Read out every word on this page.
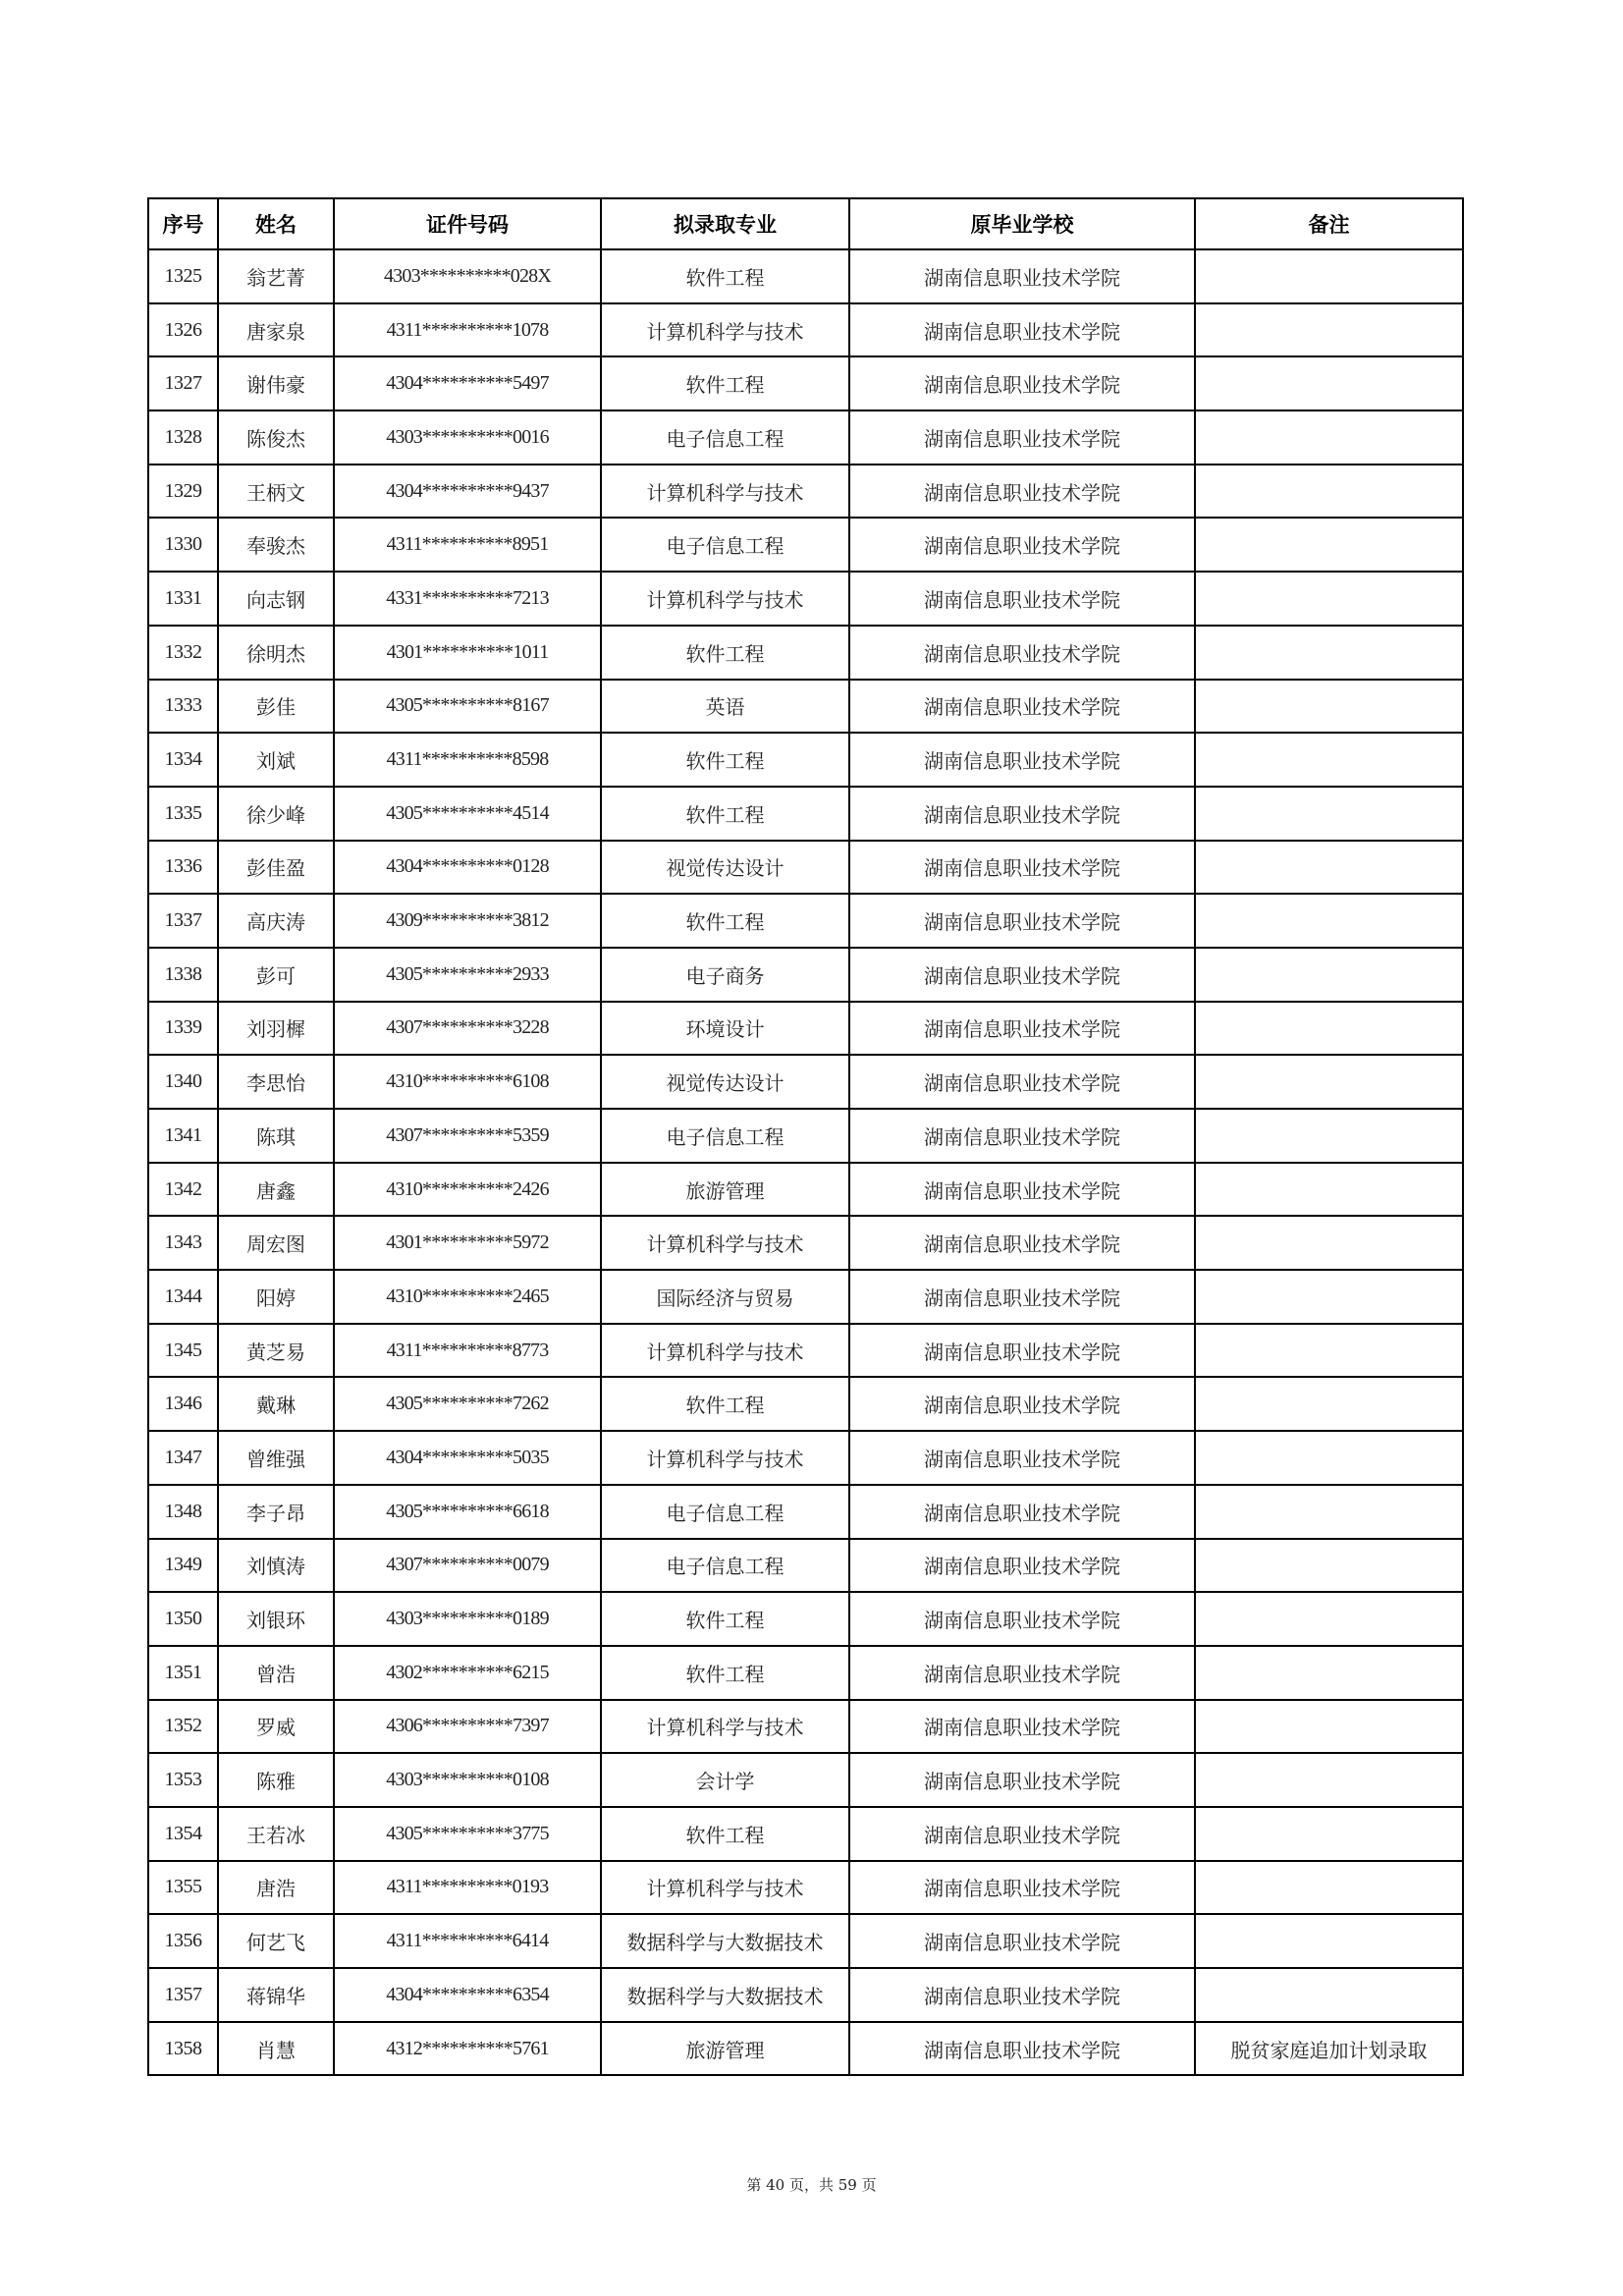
序号	姓名	证件号码	拟录取专业	原毕业学校	备注
1325	翁艺菁	4303**********028X	软件工程	湖南信息职业技术学院	
1326	唐家泉	4311**********1078	计算机科学与技术	湖南信息职业技术学院	
1327	谢伟豪	4304**********5497	软件工程	湖南信息职业技术学院	
1328	陈俊杰	4303**********0016	电子信息工程	湖南信息职业技术学院	
1329	王柄文	4304**********9437	计算机科学与技术	湖南信息职业技术学院	
1330	奉骏杰	4311**********8951	电子信息工程	湖南信息职业技术学院	
1331	向志钢	4331**********7213	计算机科学与技术	湖南信息职业技术学院	
1332	徐明杰	4301**********1011	软件工程	湖南信息职业技术学院	
1333	彭佳	4305**********8167	英语	湖南信息职业技术学院	
1334	刘斌	4311**********8598	软件工程	湖南信息职业技术学院	
1335	徐少峰	4305**********4514	软件工程	湖南信息职业技术学院	
1336	彭佳盈	4304**********0128	视觉传达设计	湖南信息职业技术学院	
1337	高庆涛	4309**********3812	软件工程	湖南信息职业技术学院	
1338	彭可	4305**********2933	电子商务	湖南信息职业技术学院	
1339	刘羽樨	4307**********3228	环境设计	湖南信息职业技术学院	
1340	李思怡	4310**********6108	视觉传达设计	湖南信息职业技术学院	
1341	陈琪	4307**********5359	电子信息工程	湖南信息职业技术学院	
1342	唐鑫	4310**********2426	旅游管理	湖南信息职业技术学院	
1343	周宏图	4301**********5972	计算机科学与技术	湖南信息职业技术学院	
1344	阳婷	4310**********2465	国际经济与贸易	湖南信息职业技术学院	
1345	黄芝易	4311**********8773	计算机科学与技术	湖南信息职业技术学院	
1346	戴琳	4305**********7262	软件工程	湖南信息职业技术学院	
1347	曾维强	4304**********5035	计算机科学与技术	湖南信息职业技术学院	
1348	李子昂	4305**********6618	电子信息工程	湖南信息职业技术学院	
1349	刘慎涛	4307**********0079	电子信息工程	湖南信息职业技术学院	
1350	刘银环	4303**********0189	软件工程	湖南信息职业技术学院	
1351	曾浩	4302**********6215	软件工程	湖南信息职业技术学院	
1352	罗威	4306**********7397	计算机科学与技术	湖南信息职业技术学院	
1353	陈雅	4303**********0108	会计学	湖南信息职业技术学院	
1354	王若冰	4305**********3775	软件工程	湖南信息职业技术学院	
1355	唐浩	4311**********0193	计算机科学与技术	湖南信息职业技术学院	
1356	何艺飞	4311**********6414	数据科学与大数据技术	湖南信息职业技术学院	
1357	蒋锦华	4304**********6354	数据科学与大数据技术	湖南信息职业技术学院	
1358	肖慧	4312**********5761	旅游管理	湖南信息职业技术学院	脱贫家庭追加计划录取
第 40 页，共 59 页
